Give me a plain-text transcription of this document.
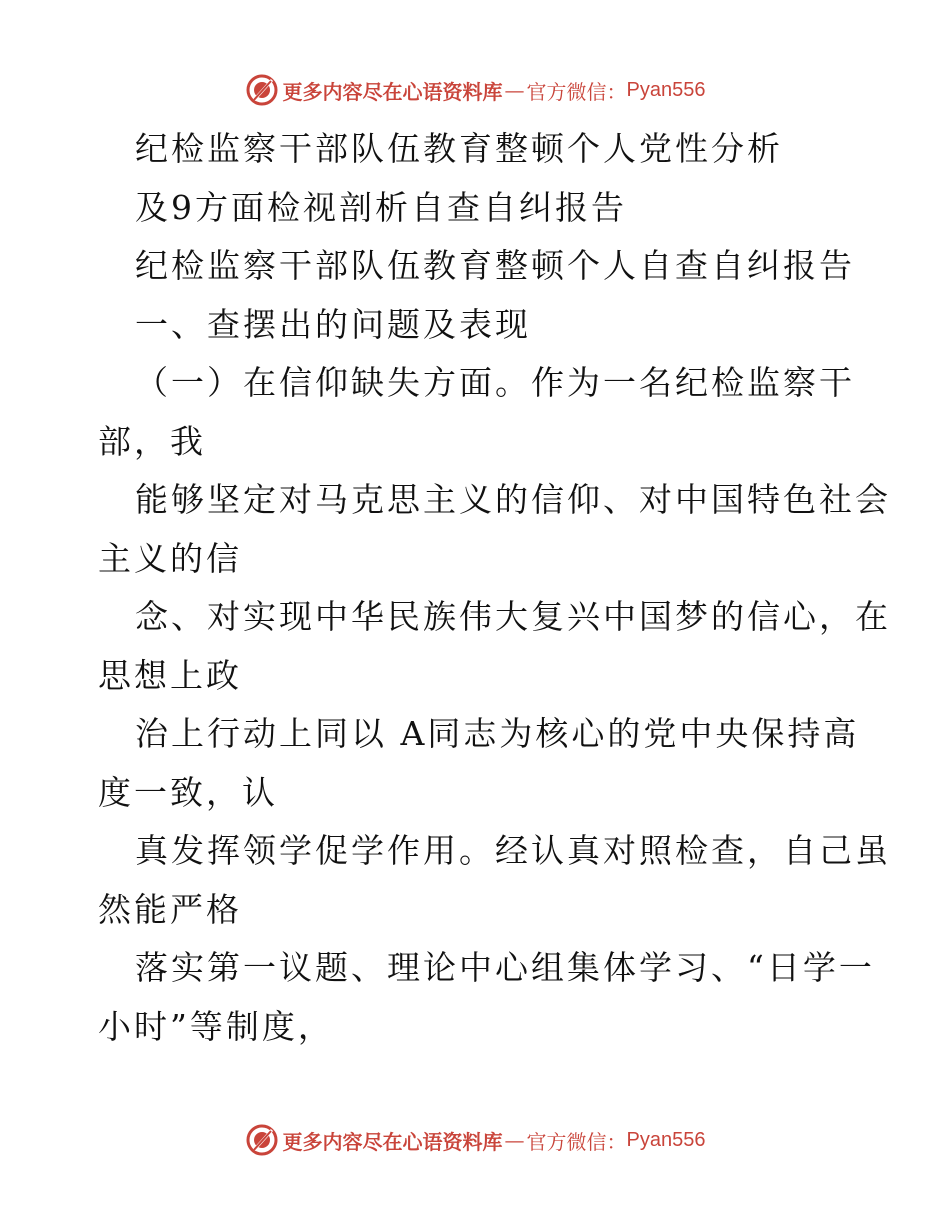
更多内容尽在心语资料库 — 官方微信： Pyan556
纪检监察干部队伍教育整顿个人党性分析
及9方面检视剖析自查自纠报告
纪检监察干部队伍教育整顿个人自查自纠报告
一、查摆出的问题及表现
（一）在信仰缺失方面。作为一名纪检监察干
部，我
能够坚定对马克思主义的信仰、对中国特色社会
主义的信
念、对实现中华民族伟大复兴中国梦的信心，在
思想上政
治上行动上同以 A同志为核心的党中央保持高
度一致，认
真发挥领学促学作用。经认真对照检查，自己虽
然能严格
落实第一议题、理论中心组集体学习、“日学一
小时”等制度，
更多内容尽在心语资料库 — 官方微信： Pyan556
